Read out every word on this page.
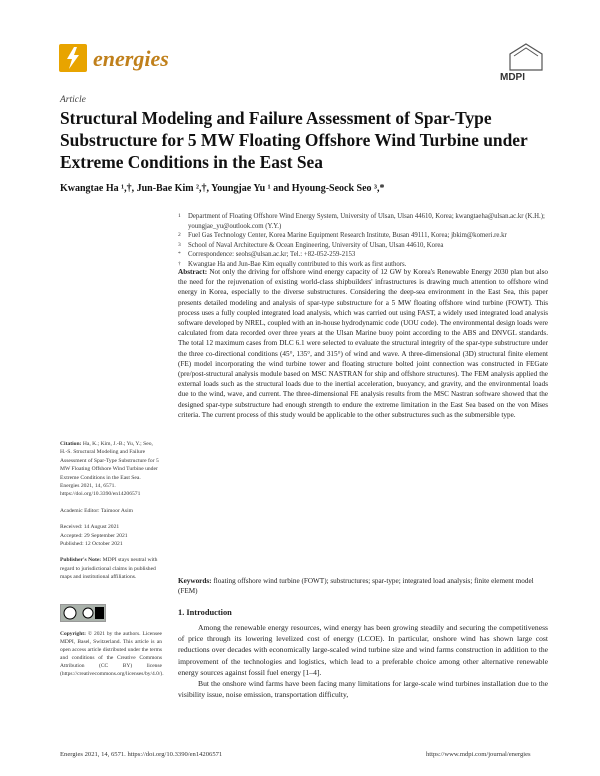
energies
MDPI
Article
Structural Modeling and Failure Assessment of Spar-Type Substructure for 5 MW Floating Offshore Wind Turbine under Extreme Conditions in the East Sea
Kwangtae Ha ¹,†, Jun-Bae Kim ²,†, Youngjae Yu ¹ and Hyoung-Seock Seo ³,*
1	Department of Floating Offshore Wind Energy System, University of Ulsan, Ulsan 44610, Korea; kwangtaeha@ulsan.ac.kr (K.H.); youngjae_yu@outlook.com (Y.Y.)
2	Fuel Gas Technology Center, Korea Marine Equipment Research Institute, Busan 49111, Korea; jbkim@komeri.re.kr
3	School of Naval Architecture & Ocean Engineering, University of Ulsan, Ulsan 44610, Korea
*	Correspondence: seohs@ulsan.ac.kr; Tel.: +82-052-259-2153
†	Kwangtae Ha and Jun-Bae Kim equally contributed to this work as first authors.
Abstract: Not only the driving for offshore wind energy capacity of 12 GW by Korea's Renewable Energy 2030 plan but also the need for the rejuvenation of existing world-class shipbuilders' infrastructures is drawing much attention to offshore wind energy in Korea, especially to the diverse substructures. Considering the deep-sea environment in the East Sea, this paper presents detailed modeling and analysis of spar-type substructure for a 5 MW floating offshore wind turbine (FOWT). This process uses a fully coupled integrated load analysis, which was carried out using FAST, a widely used integrated load analysis software developed by NREL, coupled with an in-house hydrodynamic code (UOU code). The environmental design loads were calculated from data recorded over three years at the Ulsan Marine buoy point according to the ABS and DNVGL standards. The total 12 maximum cases from DLC 6.1 were selected to evaluate the structural integrity of the spar-type substructure under the three co-directional conditions (45°, 135°, and 315°) of wind and wave. A three-dimensional (3D) structural finite element (FE) model incorporating the wind turbine tower and floating structure bolted joint connection was constructed in FEGate (pre/post-structural analysis module based on MSC NASTRAN for ship and offshore structures). The FEM analysis applied the external loads such as the structural loads due to the inertial acceleration, buoyancy, and gravity, and the environmental loads due to the wind, wave, and current. The three-dimensional FE analysis results from the MSC Nastran software showed that the designed spar-type substructure had enough strength to endure the extreme limitation in the East Sea based on the von Mises criteria. The current process of this study would be applicable to the other substructures such as the submersible type.
Keywords: floating offshore wind turbine (FOWT); substructures; spar-type; integrated load analysis; finite element model (FEM)
1. Introduction

Among the renewable energy resources, wind energy has been growing steadily and securing the competitiveness of price through its lowering levelized cost of energy (LCOE). In particular, onshore wind has shown large cost reductions over decades with economically large-scaled wind turbine size and wind farms construction in addition to the improvement of the technologies and logistics, which lead to a preferable choice among other alternative renewable energy sources against fossil fuel energy [1–4].

But the onshore wind farms have been facing many limitations for large-scale wind turbines installation due to the visibility issue, noise emission, transportation difficulty,

Citation: Ha, K.; Kim, J.-B.; Yu, Y.; Seo, H.-S. Structural Modeling and Failure Assessment of Spar-Type Substructure for 5 MW Floating Offshore Wind Turbine under Extreme Conditions in the East Sea. Energies 2021, 14, 6571. https://doi.org/10.3390/en14206571
Academic Editor: Taimoor Asim
Received: 14 August 2021
Accepted: 29 September 2021
Published: 12 October 2021
Publisher's Note: MDPI stays neutral with regard to jurisdictional claims in published maps and institutional affiliations.
Copyright: © 2021 by the authors. Licensee MDPI, Basel, Switzerland. This article is an open access article distributed under the terms and conditions of the Creative Commons Attribution (CC BY) license (https://creativecommons.org/licenses/by/4.0/).
Energies 2021, 14, 6571. https://doi.org/10.3390/en14206571	https://www.mdpi.com/journal/energies
